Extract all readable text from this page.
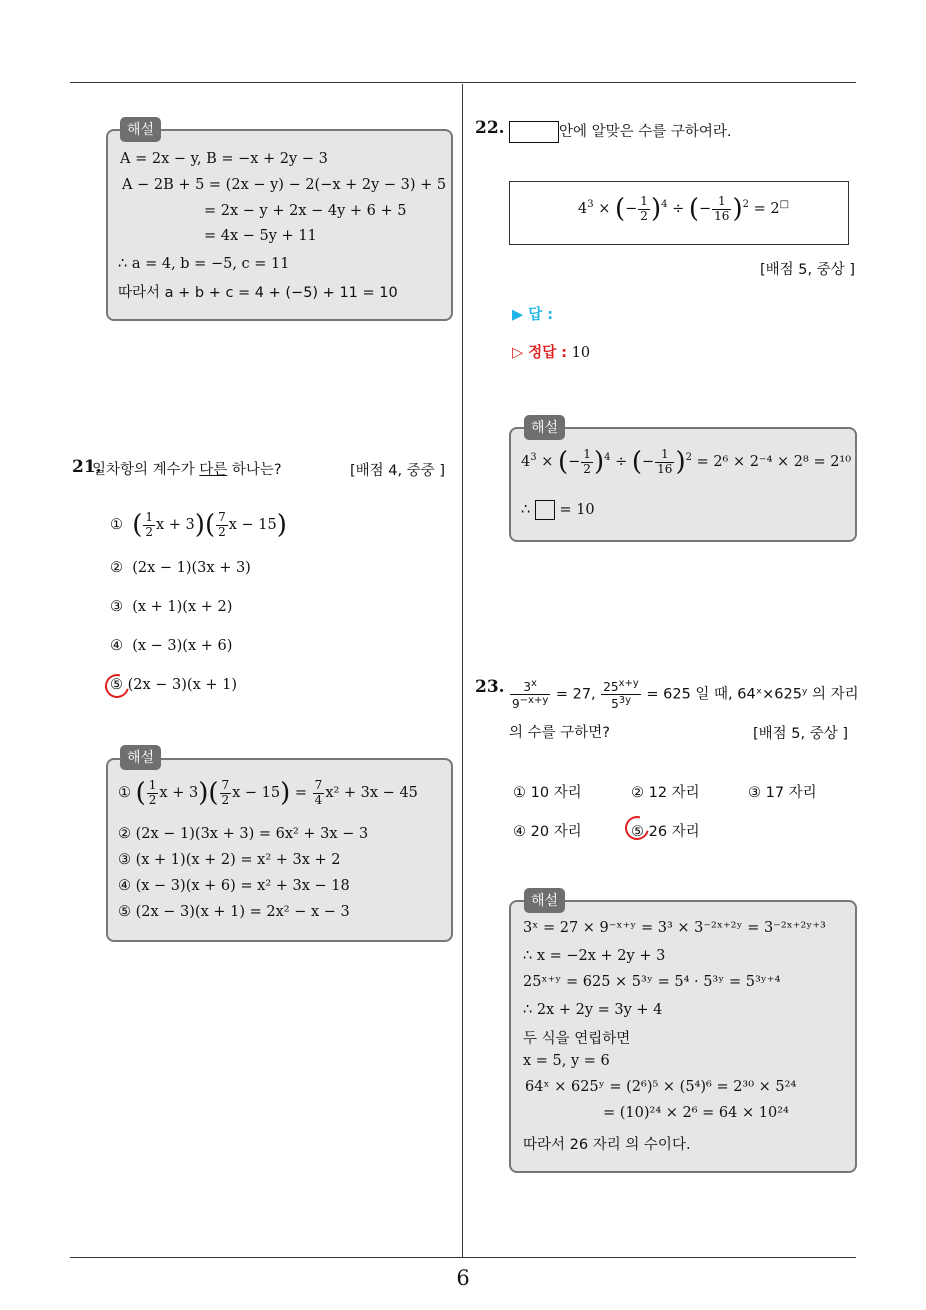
6
A = 2x − y, B = −x + 2y − 3
A − 2B + 5 = (2x − y) − 2(−x + 2y − 3) + 5
= 2x − y + 2x − 4y + 6 + 5
= 4x − 5y + 11
∴ a = 4, b = −5, c = 11
따라서 a + b + c = 4 + (−5) + 11 = 10
해설
21.
일차항의 계수가 다른 하나는?	[배점 4, 중중 ]
① ( $\frac{1}{2}$ $x + 3)( \frac{7}{2}$ x − 15)
② (2x − 1)(3x + 3)
③ (x + 1)(x + 2)
④ (x − 3)(x + 6)
⑤ (2x − 3)(x + 1)
① ( $\frac{1}{2}$ $x + 3)( \frac{7}{2}$ $x - 15) = \frac{7}{4} x^2 + 3x - 45$
② (2x − 1)(3x + 3) = 6x² + 3x − 3
③ (x + 1)(x + 2) = x² + 3x + 2
④ (x − 3)(x + 6) = x² + 3x − 18
⑤ (2x − 3)(x + 1) = 2x² − x − 3
해설
22.	안에 알맞은 수를 구하여라.
$4^3$ × (− $\frac{1}{2} )^4$ ÷ (− $\frac{1}{16} )^2 = 2^□$
[배점 5, 중상 ]
▶ 답 :
▷ 정답 : 10
$4^3$ × (− $\frac{1}{2} )^4$ ÷ (− $\frac{1}{16} )^2 = 2^6 \times 2^{-4} \times 2^8 = 2^{10}$
∴  = 10
해설
23. $\frac{3^x}{9^{-x+y}} = 27$, $\frac{25^{x+y}}{5^{3y}} = 625$ 일 때, 64ˣ×625ʸ 의 자리
의 수를 구하면?	[배점 5, 중상 ]
① 10 자리	② 12 자리	③ 17 자리
④ 20 자리	⑤ 26 자리
3ˣ = 27 × 9⁻ˣ⁺ʸ = 3³ × 3⁻²ˣ⁺²ʸ = 3⁻²ˣ⁺²ʸ⁺³
∴ x = −2x + 2y + 3
25ˣ⁺ʸ = 625 × 5³ʸ = 5⁴ · 5³ʸ = 5³ʸ⁺⁴
∴ 2x + 2y = 3y + 4
두 식을 연립하면
x = 5, y = 6
64ˣ × 625ʸ = (2⁶)⁵ × (5⁴)⁶ = 2³⁰ × 5²⁴
= (10)²⁴ × 2⁶ = 64 × 10²⁴
따라서 26 자리 의 수이다.
해설
